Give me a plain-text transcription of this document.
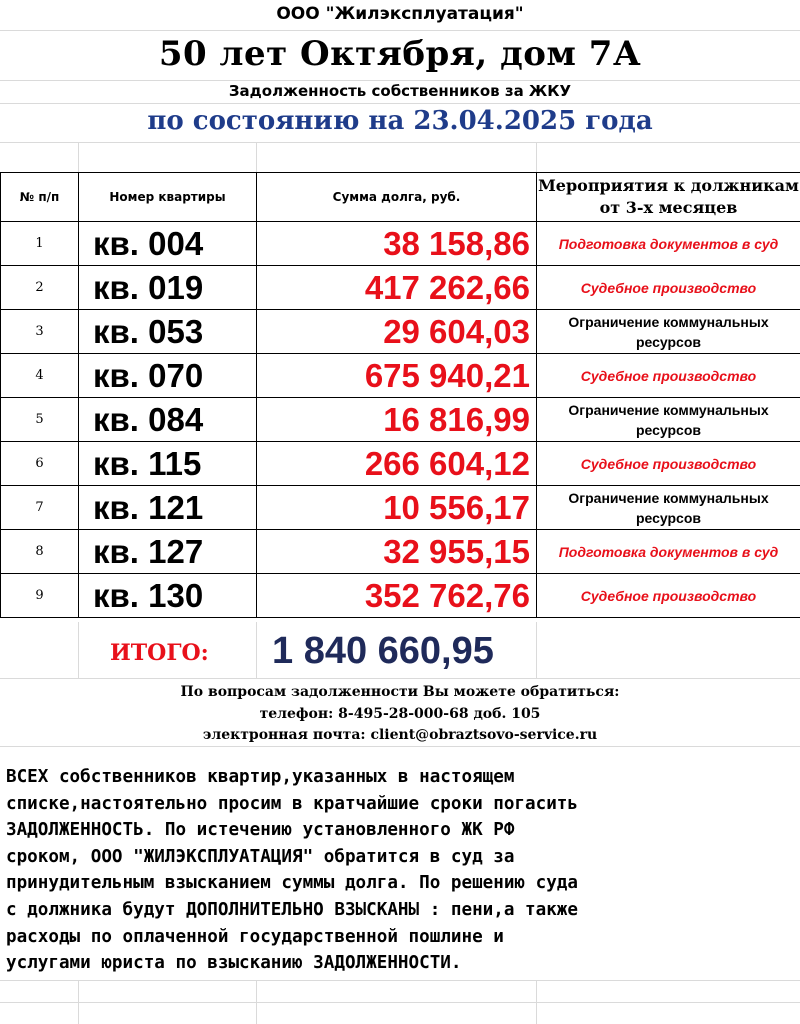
ООО "Жилэксплуатация"
50 лет Октября, дом 7А
Задолженность собственников за ЖКУ
по состоянию на 23.04.2025 года
№ п/п	Номер квартиры	Сумма долга, руб.	Мероприятия к должникам от 3-х месяцев
1	кв. 004	38 158,86	Подготовка документов в суд
2	кв. 019	417 262,66	Судебное производство
3	кв. 053	29 604,03	Ограничение коммунальных ресурсов
4	кв. 070	675 940,21	Судебное производство
5	кв. 084	16 816,99	Ограничение коммунальных ресурсов
6	кв. 115	266 604,12	Судебное производство
7	кв. 121	10 556,17	Ограничение коммунальных ресурсов
8	кв. 127	32 955,15	Подготовка документов в суд
9	кв. 130	352 762,76	Судебное производство
ИТОГО: 1 840 660,95
По вопросам задолженности Вы можете обратиться:
телефон: 8-495-28-000-68 доб. 105
электронная почта: client@obraztsovo-service.ru
ВСЕХ собственников квартир,указанных в настоящем
списке,настоятельно просим в кратчайшие сроки погасить
ЗАДОЛЖЕННОСТЬ. По истечению установленного ЖК РФ
сроком, ООО "ЖИЛЭКСПЛУАТАЦИЯ" обратится в суд за
принудительным взысканием суммы долга. По решению суда
с должника будут ДОПОЛНИТЕЛЬНО ВЗЫСКАНЫ : пени,а также
расходы по оплаченной государственной пошлине и
услугами юриста по взысканию ЗАДОЛЖЕННОСТИ.
